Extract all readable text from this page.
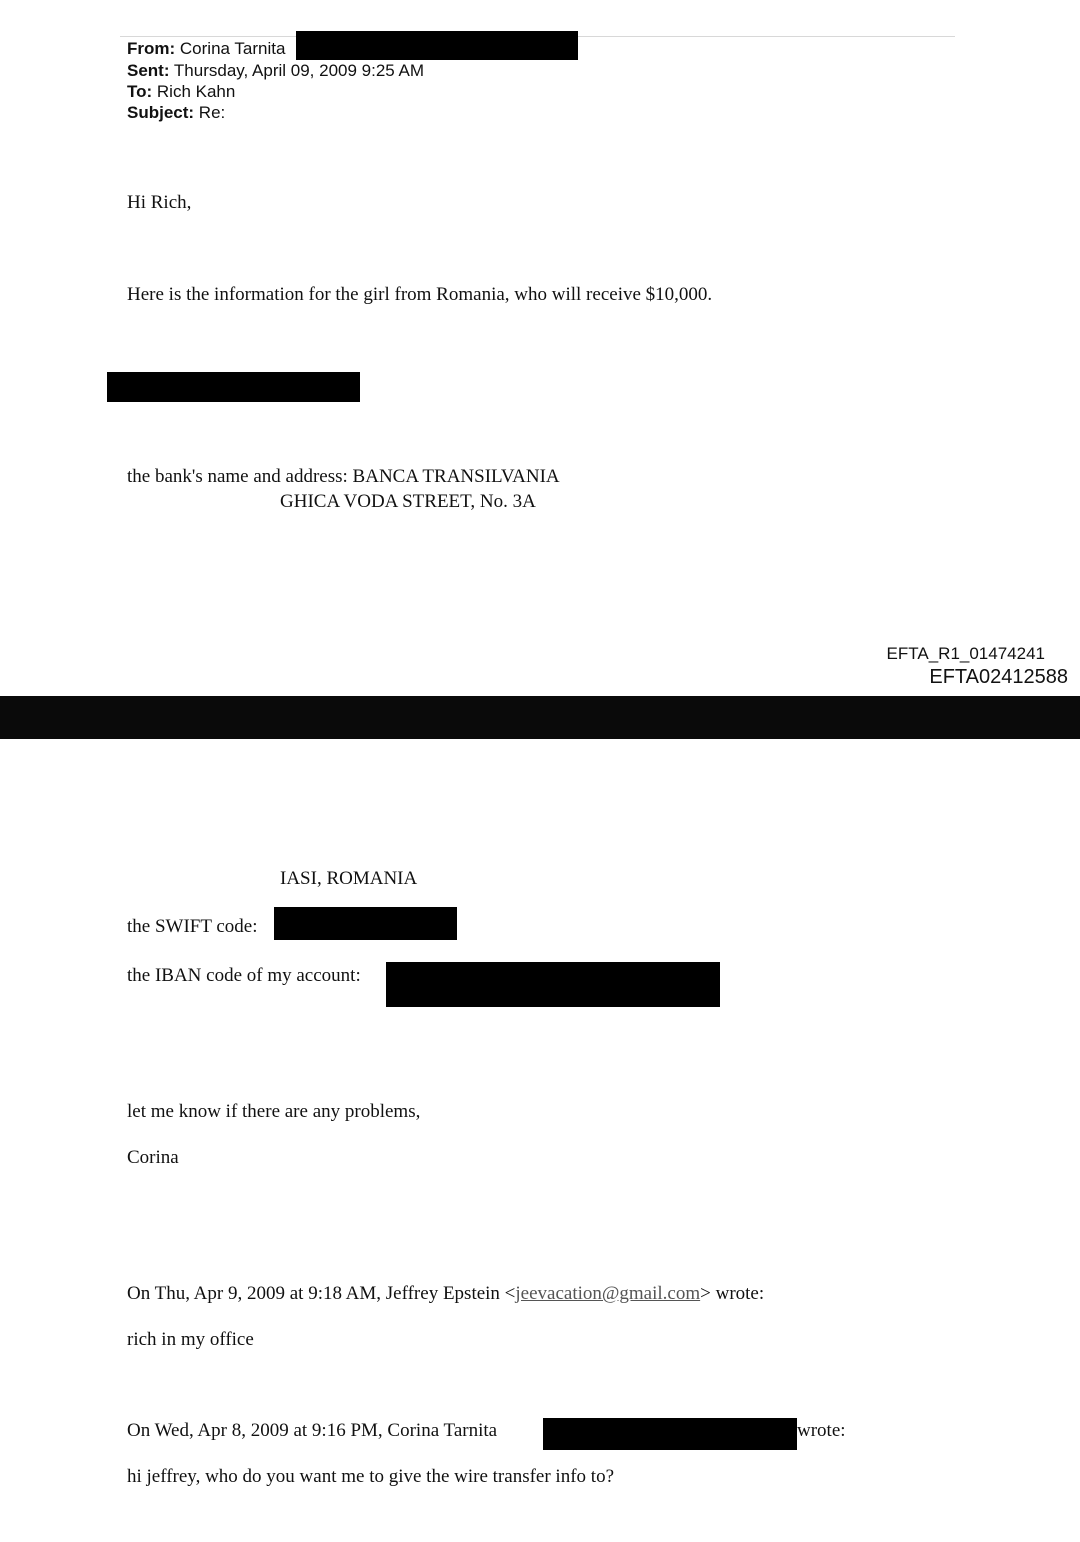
From: Corina Tarnita
Sent: Thursday, April 09, 2009 9:25 AM
To: Rich Kahn
Subject: Re:
Hi Rich,
Here is the information for the girl from Romania, who will receive $10,000.
the bank's name and address: BANCA TRANSILVANIA
GHICA VODA STREET, No. 3A
EFTA_R1_01474241
EFTA02412588
IASI, ROMANIA
the SWIFT code:
the IBAN code of my account:
let me know if there are any problems,
Corina
On Thu, Apr 9, 2009 at 9:18 AM, Jeffrey Epstein <jeevacation@gmail.com> wrote:
rich in my office
On Wed, Apr 8, 2009 at 9:16 PM, Corina Tarnita	wrote:
hi jeffrey, who do you want me to give the wire transfer info to?
